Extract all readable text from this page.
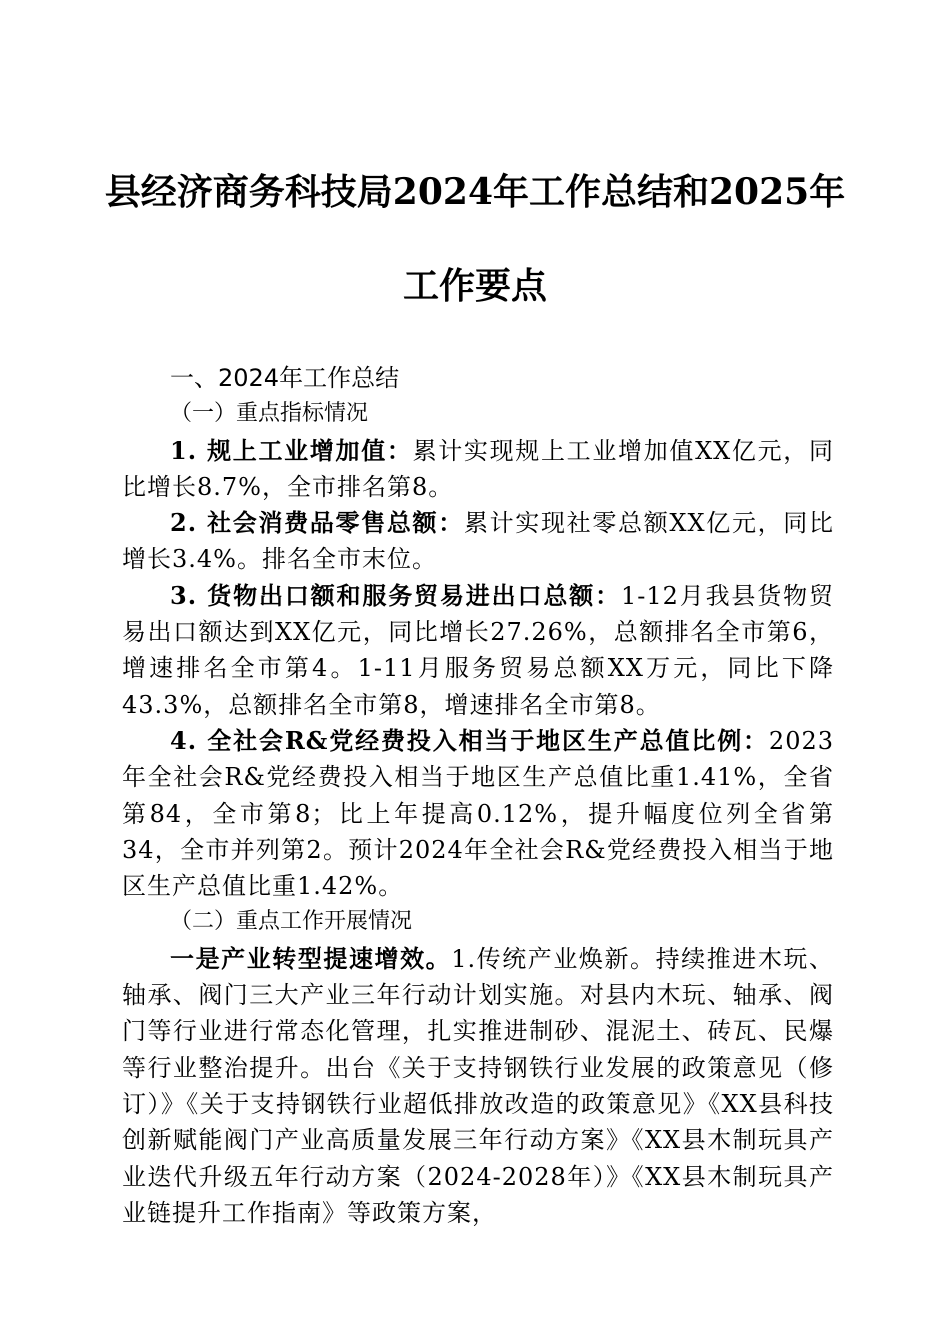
县经济商务科技局2024年工作总结和2025年
工作要点

一、2024年工作总结

（一）重点指标情况

1. 规上工业增加值：累计实现规上工业增加值XX亿元，同比增长8.7%，全市排名第8。

2. 社会消费品零售总额：累计实现社零总额XX亿元，同比增长3.4%。排名全市末位。

3. 货物出口额和服务贸易进出口总额：1-12月我县货物贸易出口额达到XX亿元，同比增长27.26%，总额排名全市第6，增速排名全市第4。1-11月服务贸易总额XX万元，同比下降43.3%，总额排名全市第8，增速排名全市第8。

4. 全社会R&党经费投入相当于地区生产总值比例：2023年全社会R&党经费投入相当于地区生产总值比重1.41%，全省第84，全市第8；比上年提高0.12%，提升幅度位列全省第34，全市并列第2。预计2024年全社会R&党经费投入相当于地区生产总值比重1.42%。

（二）重点工作开展情况

一是产业转型提速增效。1.传统产业焕新。持续推进木玩、轴承、阀门三大产业三年行动计划实施。对县内木玩、轴承、阀门等行业进行常态化管理，扎实推进制砂、混泥土、砖瓦、民爆等行业整治提升。出台《关于支持钢铁行业发展的政策意见（修订）》《关于支持钢铁行业超低排放改造的政策意见》《XX县科技创新赋能阀门产业高质量发展三年行动方案》《XX县木制玩具产业迭代升级五年行动方案（2024-2028年）》《XX县木制玩具产业链提升工作指南》等政策方案，
